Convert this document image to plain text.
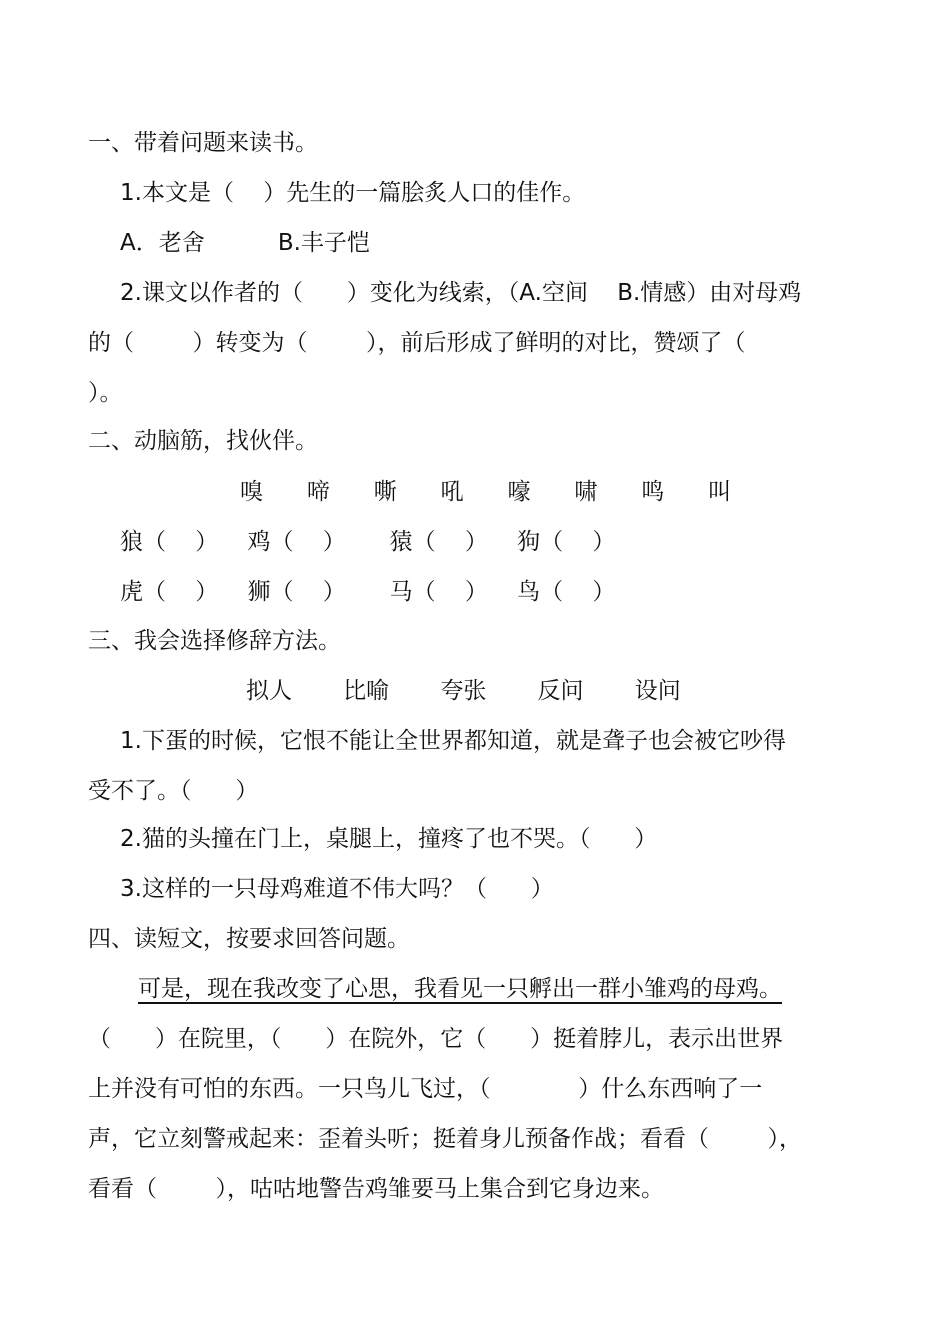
一、带着问题来读书。

1.本文是（    ）先生的一篇脍炙人口的佳作。

A．老舍          B.丰子恺

2.课文以作者的（      ）变化为线索，（A.空间    B.情感）由对母鸡

的（        ）转变为（        ），前后形成了鲜明的对比，赞颂了（

）。

二、动脑筋，找伙伴。

嗅      啼      嘶      吼      嚎      啸      鸣      叫

狼（    ）    鸡（    ）      猿（    ）    狗（    ）

虎（    ）    狮（    ）      马（    ）    鸟（    ）

三、我会选择修辞方法。

拟人       比喻       夸张       反问       设问

1.下蛋的时候，它恨不能让全世界都知道，就是聋子也会被它吵得

受不了。（      ）

2.猫的头撞在门上，桌腿上，撞疼了也不哭。（      ）

3.这样的一只母鸡难道不伟大吗？（      ）

四、读短文，按要求回答问题。

可是，现在我改变了心思，我看见一只孵出一群小雏鸡的母鸡。

（      ）在院里，（      ）在院外，它（      ）挺着脖儿，表示出世界

上并没有可怕的东西。一只鸟儿飞过，（            ）什么东西响了一

声，它立刻警戒起来：歪着头听；挺着身儿预备作战；看看（        ），

看看（        ），咕咕地警告鸡雏要马上集合到它身边来。
